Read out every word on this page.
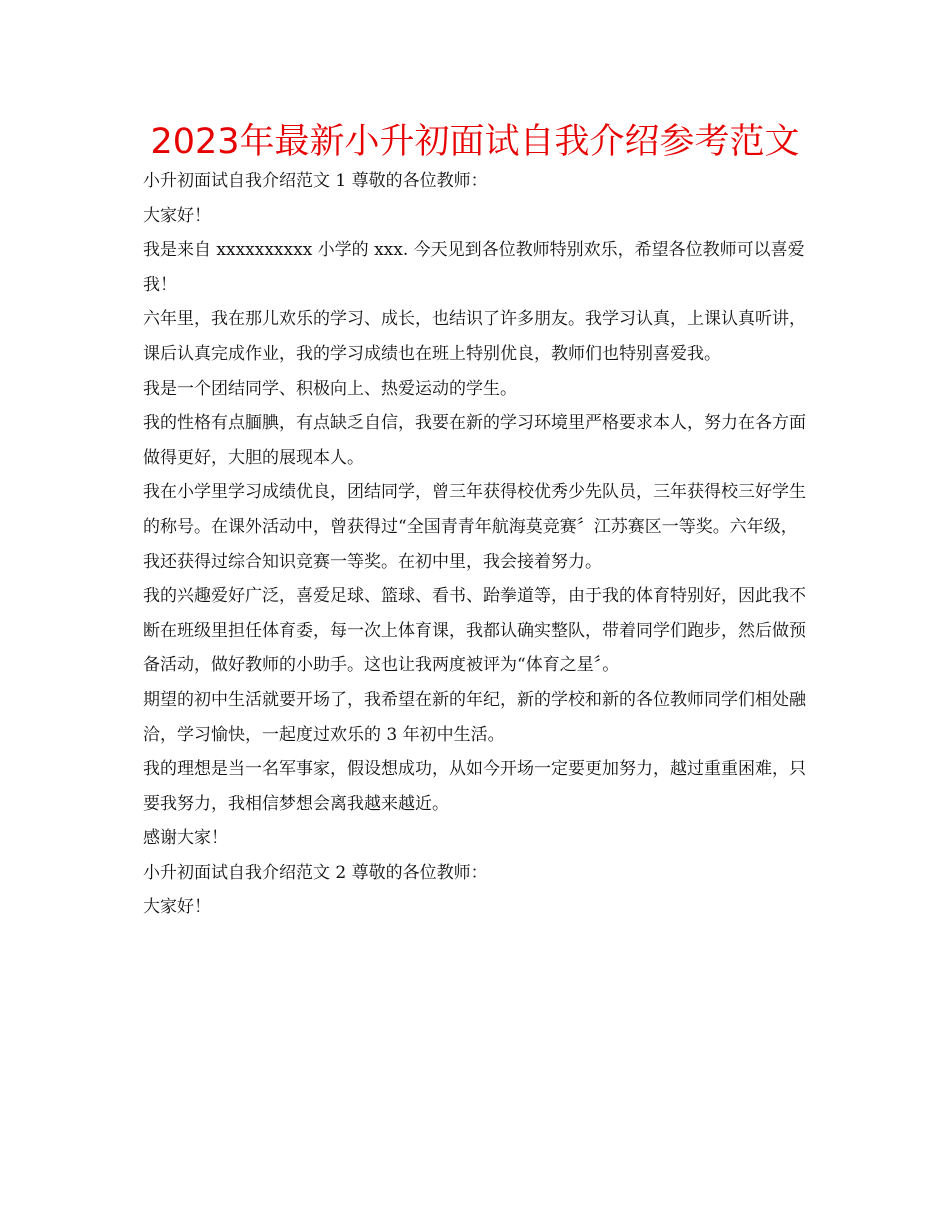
2023年最新小升初面试自我介绍参考范文

小升初面试自我介绍范文 1 尊敬的各位教师：

大家好！

我是来自 xxxxxxxxxx 小学的 xxx. 今天见到各位教师特别欢乐，希望各位教师可以喜爱我！

六年里，我在那儿欢乐的学习、成长，也结识了许多朋友。我学习认真，上课认真听讲，课后认真完成作业，我的学习成绩也在班上特别优良，教师们也特别喜爱我。

我是一个团结同学、积极向上、热爱运动的学生。

我的性格有点腼腆，有点缺乏自信，我要在新的学习环境里严格要求本人，努力在各方面做得更好，大胆的展现本人。

我在小学里学习成绩优良，团结同学，曾三年获得校优秀少先队员，三年获得校三好学生的称号。在课外活动中，曾获得过“全国青青年航海莫竞赛〞江苏赛区一等奖。六年级，我还获得过综合知识竞赛一等奖。在初中里，我会接着努力。

我的兴趣爱好广泛，喜爱足球、篮球、看书、跆拳道等，由于我的体育特别好，因此我不断在班级里担任体育委，每一次上体育课，我都认确实整队，带着同学们跑步，然后做预备活动，做好教师的小助手。这也让我两度被评为“体育之星〞。

期望的初中生活就要开场了，我希望在新的年纪，新的学校和新的各位教师同学们相处融洽，学习愉快，一起度过欢乐的 3 年初中生活。

我的理想是当一名军事家，假设想成功，从如今开场一定要更加努力，越过重重困难，只要我努力，我相信梦想会离我越来越近。

感谢大家！

小升初面试自我介绍范文 2 尊敬的各位教师：

大家好！
